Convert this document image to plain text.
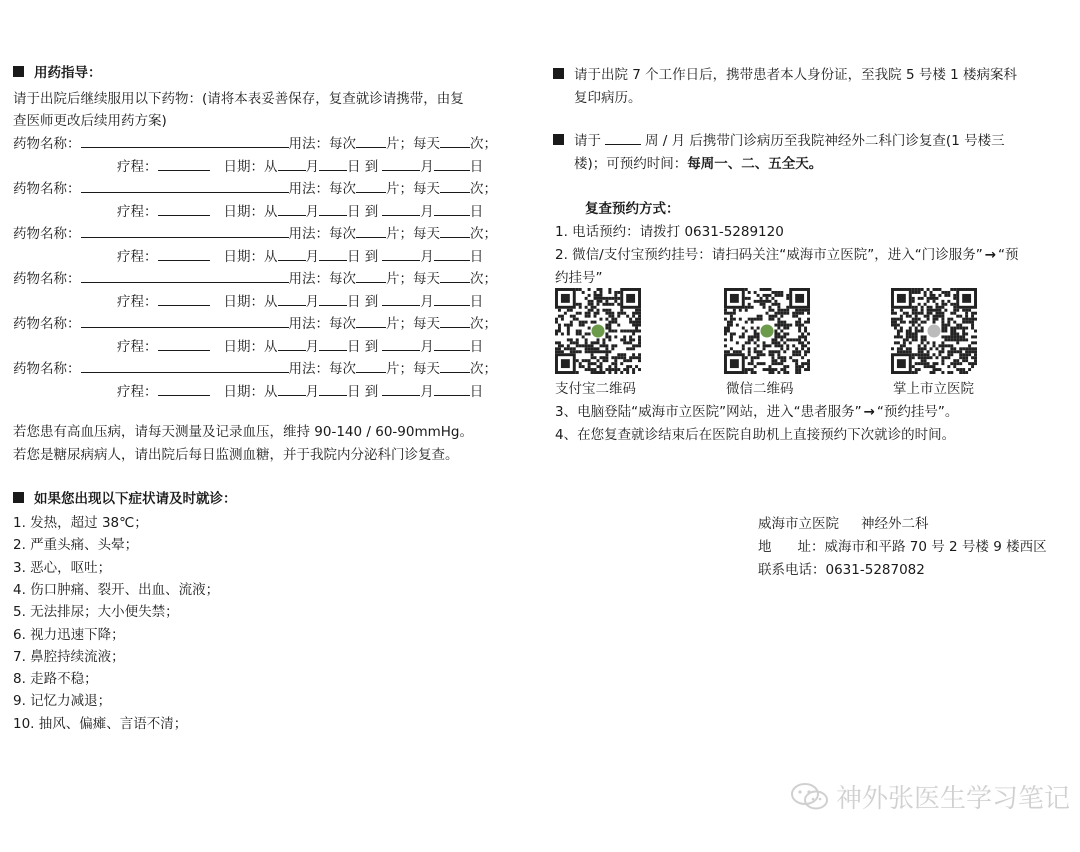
用药指导：
请于出院后继续服用以下药物：(请将本表妥善保存，复查就诊请携带，由复
查医师更改后续用药方案)
药物名称：	用法：每次 片；每天 次；
疗程：	日期：从 月 日 到	月	日
药物名称：	用法：每次 片；每天 次；
疗程：	日期：从 月 日 到	月	日
药物名称：	用法：每次 片；每天 次；
疗程：	日期：从 月 日 到	月	日
药物名称：	用法：每次 片；每天 次；
疗程：	日期：从 月 日 到	月	日
药物名称：	用法：每次 片；每天 次；
疗程：	日期：从 月 日 到	月	日
药物名称：	用法：每次 片；每天 次；
疗程：	日期：从 月 日 到	月	日
若您患有高血压病，请每天测量及记录血压，维持 90-140 / 60-90mmHg。
若您是糖尿病病人，请出院后每日监测血糖，并于我院内分泌科门诊复查。
如果您出现以下症状请及时就诊：
1. 发热，超过 38℃；
2. 严重头痛、头晕；
3. 恶心，呕吐；
4. 伤口肿痛、裂开、出血、流液；
5. 无法排尿；大小便失禁；
6. 视力迅速下降；
7. 鼻腔持续流液；
8. 走路不稳；
9. 记忆力减退；
10. 抽风、偏瘫、言语不清；
请于出院 7 个工作日后，携带患者本人身份证，至我院 5 号楼 1 楼病案科
复印病历。
请于	周 / 月 后携带门诊病历至我院神经外二科门诊复查(1 号楼三
楼)；可预约时间：每周一、二、五全天。
复查预约方式：
1. 电话预约：请拨打 0631-5289120
2. 微信/支付宝预约挂号：请扫码关注“威海市立医院”，进入“门诊服务” → “预
约挂号”
支付宝二维码	微信二维码	掌上市立医院
3、电脑登陆“威海市立医院”网站，进入“患者服务” → “预约挂号”。
4、在您复查就诊结束后在医院自助机上直接预约下次就诊的时间。
威海市立医院 神经外二科
地 址：威海市和平路 70 号 2 号楼 9 楼西区
联系电话：0631-5287082
神外张医生学习笔记
